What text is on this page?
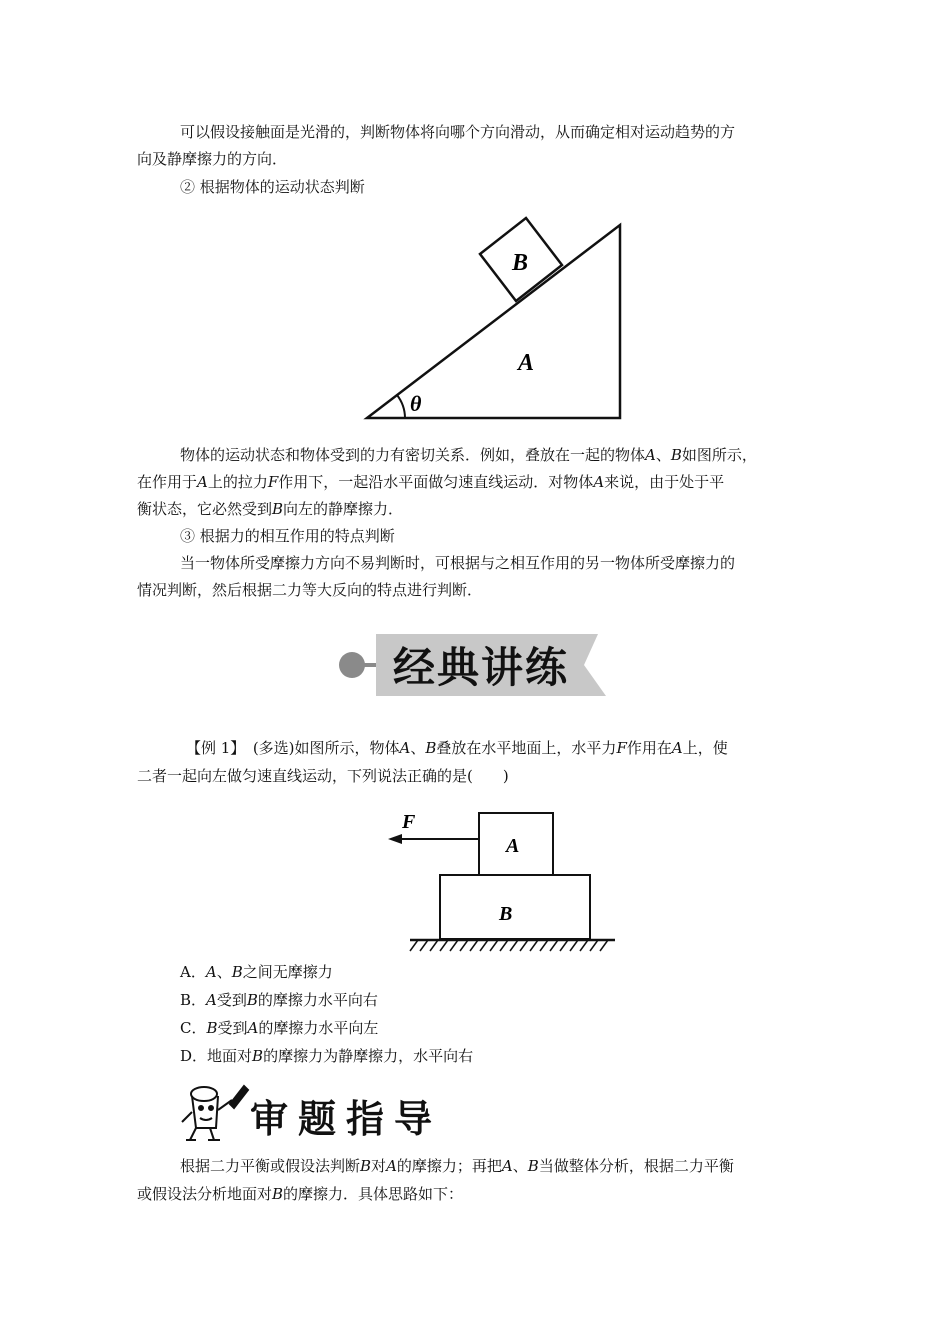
可以假设接触面是光滑的，判断物体将向哪个方向滑动，从而确定相对运动趋势的方
向及静摩擦力的方向．
② 根据物体的运动状态判断
B
A
θ
物体的运动状态和物体受到的力有密切关系．例如，叠放在一起的物体A、B如图所示，
在作用于A上的拉力F作用下，一起沿水平面做匀速直线运动．对物体A来说，由于处于平
衡状态，它必然受到B向左的静摩擦力．
③ 根据力的相互作用的特点判断
当一物体所受摩擦力方向不易判断时，可根据与之相互作用的另一物体所受摩擦力的
情况判断，然后根据二力等大反向的特点进行判断．
经典讲练
【例 1】　(多选)如图所示，物体A、B叠放在水平地面上，水平力F作用在A上，使
二者一起向左做匀速直线运动，下列说法正确的是(　　)
F
A
B
A．A、B之间无摩擦力
B．A受到B的摩擦力水平向右
C．B受到A的摩擦力水平向左
D．地面对B的摩擦力为静摩擦力，水平向右
审题指导
根据二力平衡或假设法判断B对A的摩擦力；再把A、B当做整体分析，根据二力平衡
或假设法分析地面对B的摩擦力．具体思路如下：
